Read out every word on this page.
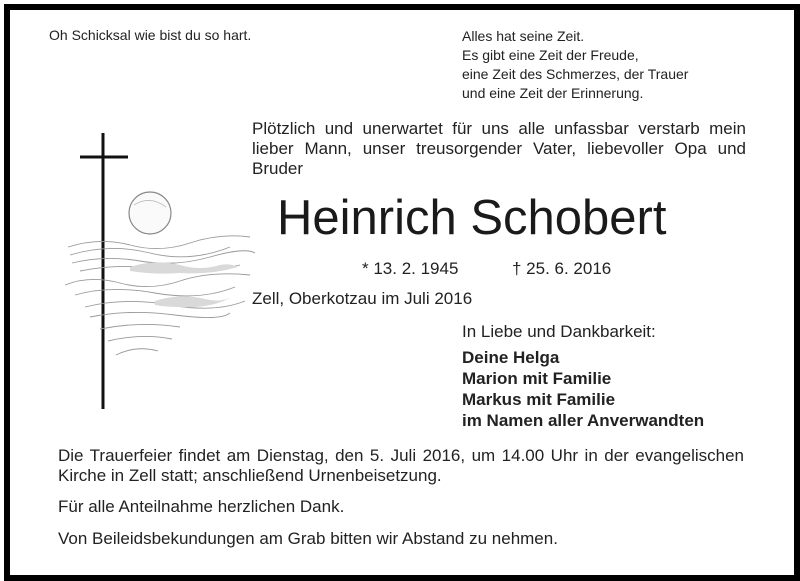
Oh Schicksal wie bist du so hart.	Alles hat seine Zeit.
Es gibt eine Zeit der Freude,
eine Zeit des Schmerzes, der Trauer
und eine Zeit der Erinnerung.
Plötzlich und unerwartet für uns alle unfassbar verstarb mein lieber Mann, unser treusorgender Vater, liebevoller Opa und Bruder
Heinrich Schobert
* 13. 2. 1945	† 25. 6. 2016
Zell, Oberkotzau im Juli 2016
In Liebe und Dankbarkeit:
Deine Helga
Marion mit Familie
Markus mit Familie
im Namen aller Anverwandten
Die Trauerfeier findet am Dienstag, den 5. Juli 2016, um 14.00 Uhr in der evangelischen Kirche in Zell statt; anschließend Urnenbeisetzung.
Für alle Anteilnahme herzlichen Dank.
Von Beileidsbekundungen am Grab bitten wir Abstand zu nehmen.
